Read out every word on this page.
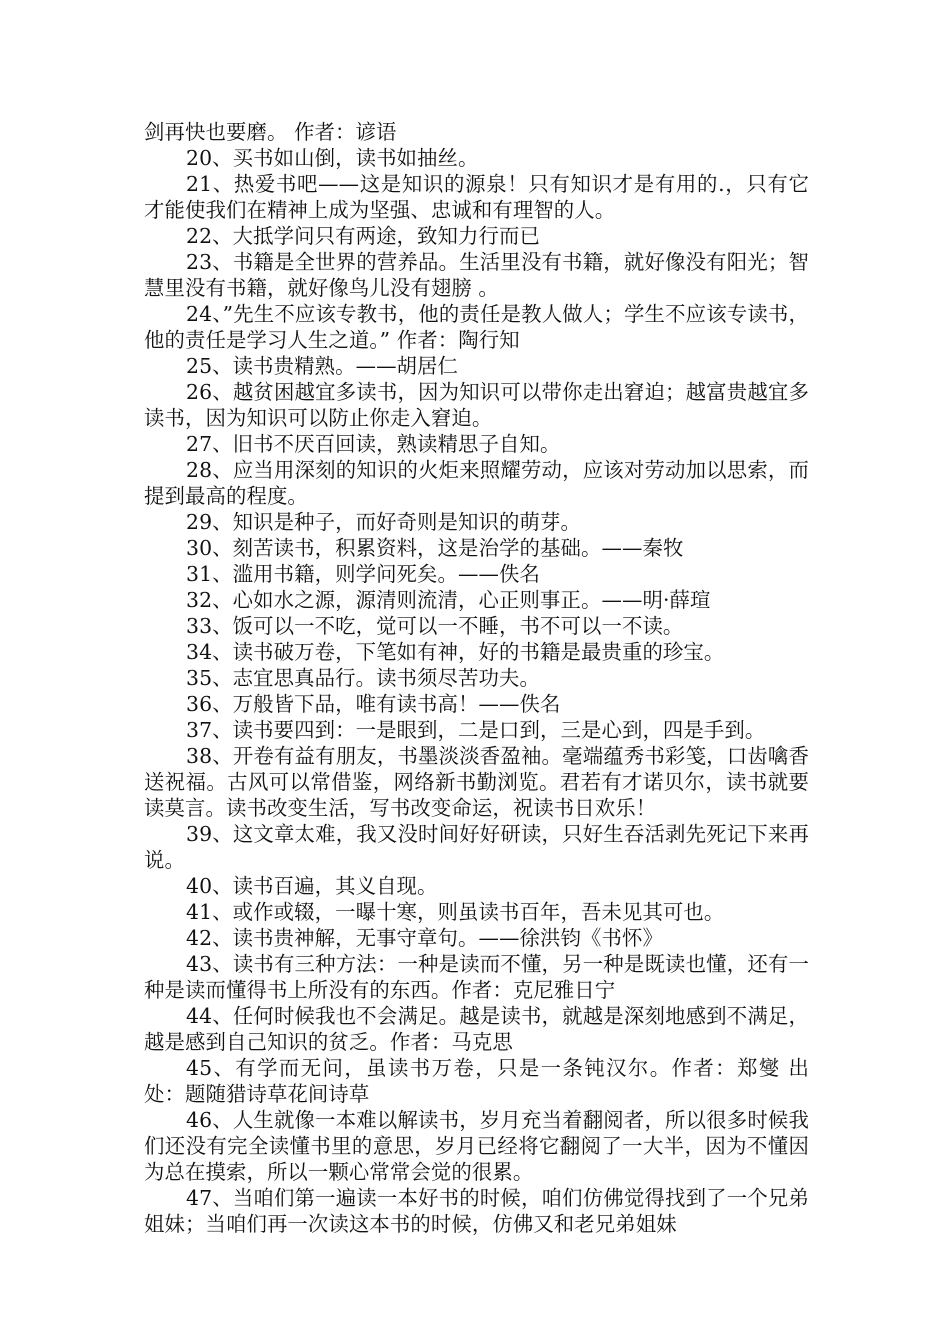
剑再快也要磨。 作者：谚语

20、买书如山倒，读书如抽丝。

21、热爱书吧——这是知识的源泉！只有知识才是有用的.，只有它才能使我们在精神上成为坚强、忠诚和有理智的人。

22、大抵学问只有两途，致知力行而已

23、书籍是全世界的营养品。生活里没有书籍，就好像没有阳光；智慧里没有书籍，就好像鸟儿没有翅膀 。

24、”先生不应该专教书，他的责任是教人做人；学生不应该专读书，他的责任是学习人生之道。” 作者：陶行知

25、读书贵精熟。——胡居仁

26、越贫困越宜多读书，因为知识可以带你走出窘迫；越富贵越宜多读书，因为知识可以防止你走入窘迫。

27、旧书不厌百回读，熟读精思子自知。

28、应当用深刻的知识的火炬来照耀劳动，应该对劳动加以思索，而提到最高的程度。

29、知识是种子，而好奇则是知识的萌芽。

30、刻苦读书，积累资料，这是治学的基础。——秦牧

31、滥用书籍，则学问死矣。——佚名

32、心如水之源，源清则流清，心正则事正。——明·薛瑄

33、饭可以一不吃，觉可以一不睡，书不可以一不读。

34、读书破万卷，下笔如有神，好的书籍是最贵重的珍宝。

35、志宜思真品行。读书须尽苦功夫。

36、万般皆下品，唯有读书高！——佚名

37、读书要四到：一是眼到，二是口到，三是心到，四是手到。

38、开卷有益有朋友，书墨淡淡香盈袖。毫端蕴秀书彩笺，口齿噙香送祝福。古风可以常借鉴，网络新书勤浏览。君若有才诺贝尔，读书就要读莫言。读书改变生活，写书改变命运，祝读书日欢乐！

39、这文章太难，我又没时间好好研读，只好生吞活剥先死记下来再说。

40、读书百遍，其义自现。

41、或作或辍，一曝十寒，则虽读书百年，吾未见其可也。

42、读书贵神解，无事守章句。——徐洪钧《书怀》

43、读书有三种方法：一种是读而不懂，另一种是既读也懂，还有一种是读而懂得书上所没有的东西。作者：克尼雅日宁

44、任何时候我也不会满足。越是读书，就越是深刻地感到不满足，越是感到自己知识的贫乏。作者：马克思

45、有学而无问，虽读书万卷，只是一条钝汉尔。作者：郑燮 出处：题随猎诗草花间诗草

46、人生就像一本难以解读书，岁月充当着翻阅者，所以很多时候我们还没有完全读懂书里的意思，岁月已经将它翻阅了一大半，因为不懂因为总在摸索，所以一颗心常常会觉的很累。

47、当咱们第一遍读一本好书的时候，咱们仿佛觉得找到了一个兄弟姐妹；当咱们再一次读这本书的时候，仿佛又和老兄弟姐妹
